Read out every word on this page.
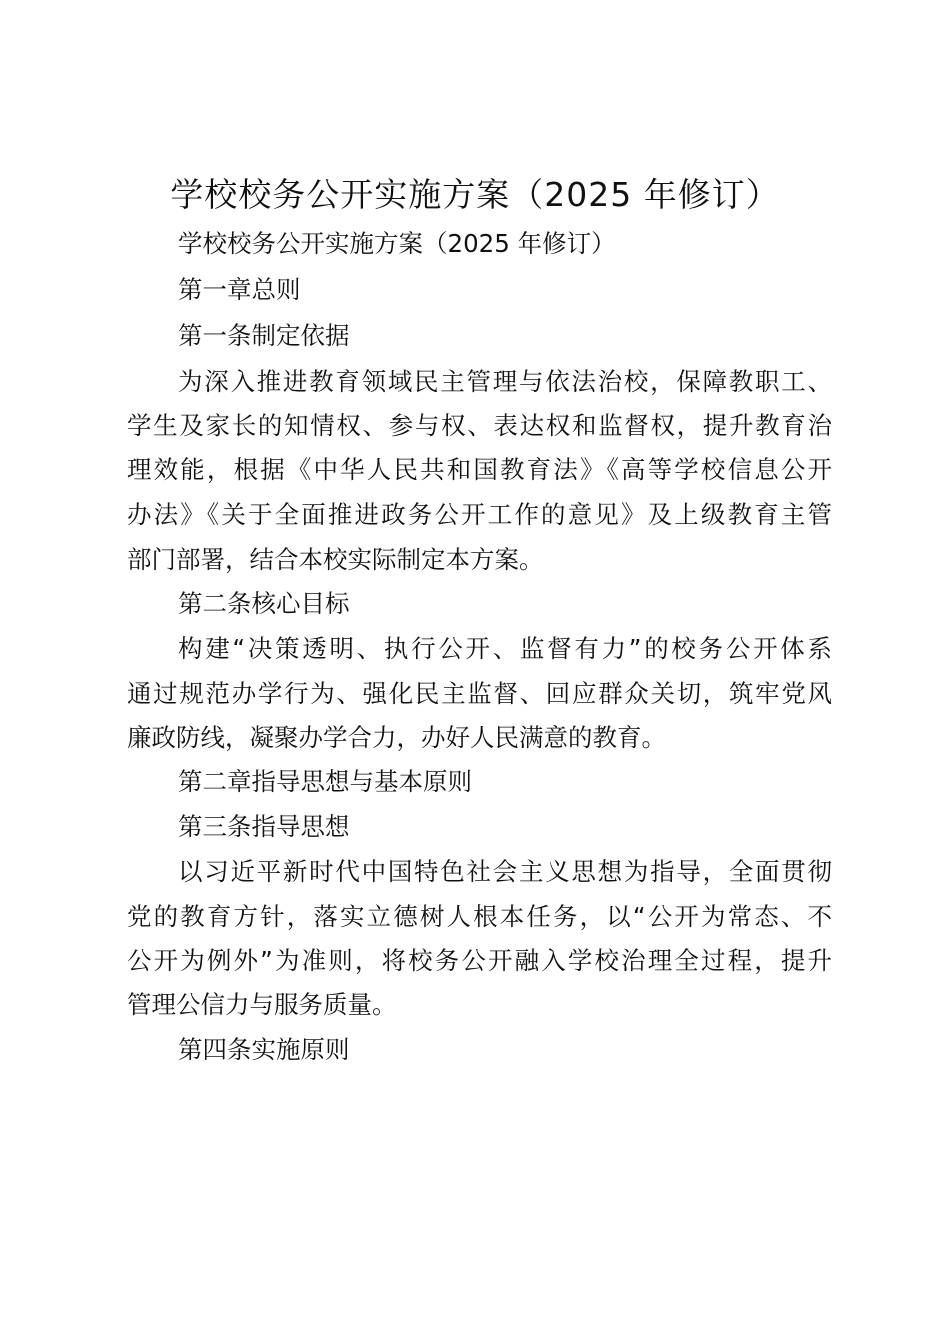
学校校务公开实施方案（2025 年修订）
学校校务公开实施方案（2025 年修订）
第一章总则
第一条制定依据
为深入推进教育领域民主管理与依法治校，保障教职工、
学生及家长的知情权、参与权、表达权和监督权，提升教育治
理效能，根据《中华人民共和国教育法》《高等学校信息公开
办法》《关于全面推进政务公开工作的意见》及上级教育主管
部门部署，结合本校实际制定本方案。
第二条核心目标
构建“决策透明、执行公开、监督有力”的校务公开体系
通过规范办学行为、强化民主监督、回应群众关切，筑牢党风
廉政防线，凝聚办学合力，办好人民满意的教育。
第二章指导思想与基本原则
第三条指导思想
以习近平新时代中国特色社会主义思想为指导，全面贯彻
党的教育方针，落实立德树人根本任务，以“公开为常态、不
公开为例外”为准则，将校务公开融入学校治理全过程，提升
管理公信力与服务质量。
第四条实施原则
